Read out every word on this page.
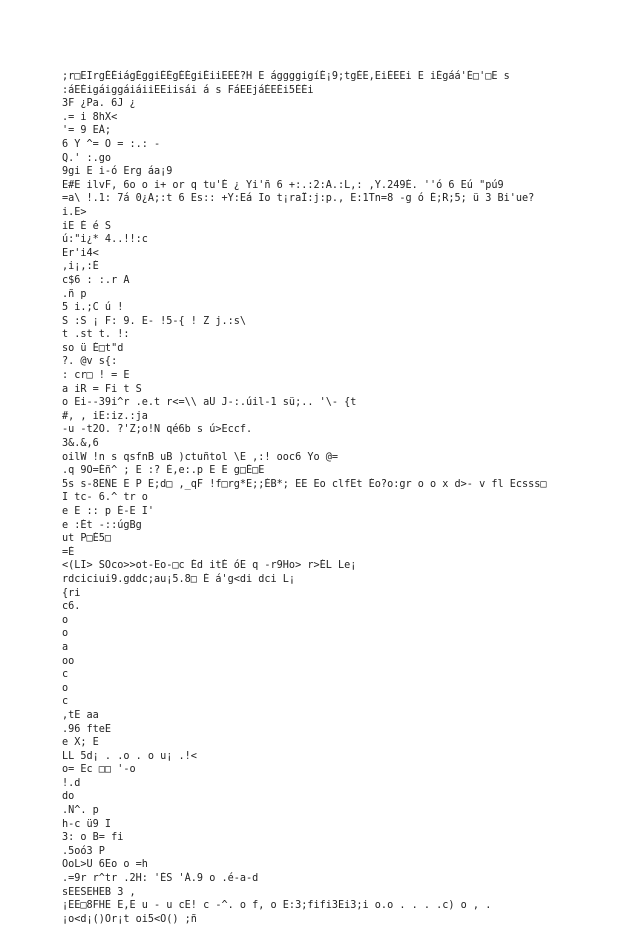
;r□EIrgÉÉiágÉggiÉÉgÉÉgiÉiiEEÉ?H E ággggigíÉ¡9;tgÉE,EiÉEEi E iÉgáá'É□'□E s
:áEÉigáiggáiáiiEEiisái á s FáEEjáÉEÉi5ÉÉi
3F ¿Pa. 6J ¿
.= i 8hX<
'= 9 EÁ;
6 Y ^= O = :.: -
Q.' :.go
9gi E i-ó Erg áa¡9
E#E ilvF, 6o o i+ or q tu'É ¿ Yi'ñ 6 +:.:2:A.:L,: ,Y.249É. ''ó 6 Eú "pú9
=a\ !.1: 7á 0¿A;:t 6 Es:: +Y:Eá Io t¡raÎ:j:p., E:1Tn=8 -g ó É;R;5; ü 3 Bi'ue?
i.E>
iE É é S
ú:"i¿* 4..!!:c
Er'i4<
,i¡,:É
c$6 : :.r A
.ñ p
5 i.;C ú !
S :S ¡ F: 9. E- !5-{ ! Z j.:s\
t .st t. !:
so ü É□t"d
?. @v s{:
: cr□ ! = E
a iR = Fi t S
o Ei--39i^r .e.t r<=\\ aU J-:.úil-1 sü;.. '\- {t
#, , iE:iz.:ja
-u -t2O. ?'Z;o!N qé6b s ú>Eccf.
3&.&,6
oilW !n s qsfnB uB )ctuñtol \E ,:! ooc6 Yo @=
.q 9O=Éñ^ ; E :? É,e:.p E E g□É□E
5s s-8EÑE E P E;d□ ,_qF !f□rg*E;;ÉB*; EE Eo clfEt Éo?o:gr o o x d>- v fl Ecsss□
I tc- 6.^ tr o
e E :: p É-E I'
e :Ét -::úgBg
ut P□É5□
=É
<(LI> SOco>>ot-Eo-□c Éd itÉ óE q -r9Ho> r>ÉL Le¡
rdciciui9.gddc;au¡5.8□ É á'g<di dci L¡
{ri
c6.
o
o
a
oo
c
o
c
,tE aa
.96 fteE
e X; E
LL 5d¡ . .o . o u¡ .!<
o= Ec □□ '-o
!.d
do
.N^. p
h-c ü9 I
3: o B= fi
.5oó3 P
OoL>U 6Eo o =h
.=9r r^tr .2H: 'ÉS 'Á.9 o .é-a-d
sEESEHEB 3 ,
¡EE□8FHE E,E u - u cE! c -^. o f, o E:3;fifi3Ei3;i o.o . . . .c) o , .
¡o<d¡()Or¡t oi5<O() ;ñ
